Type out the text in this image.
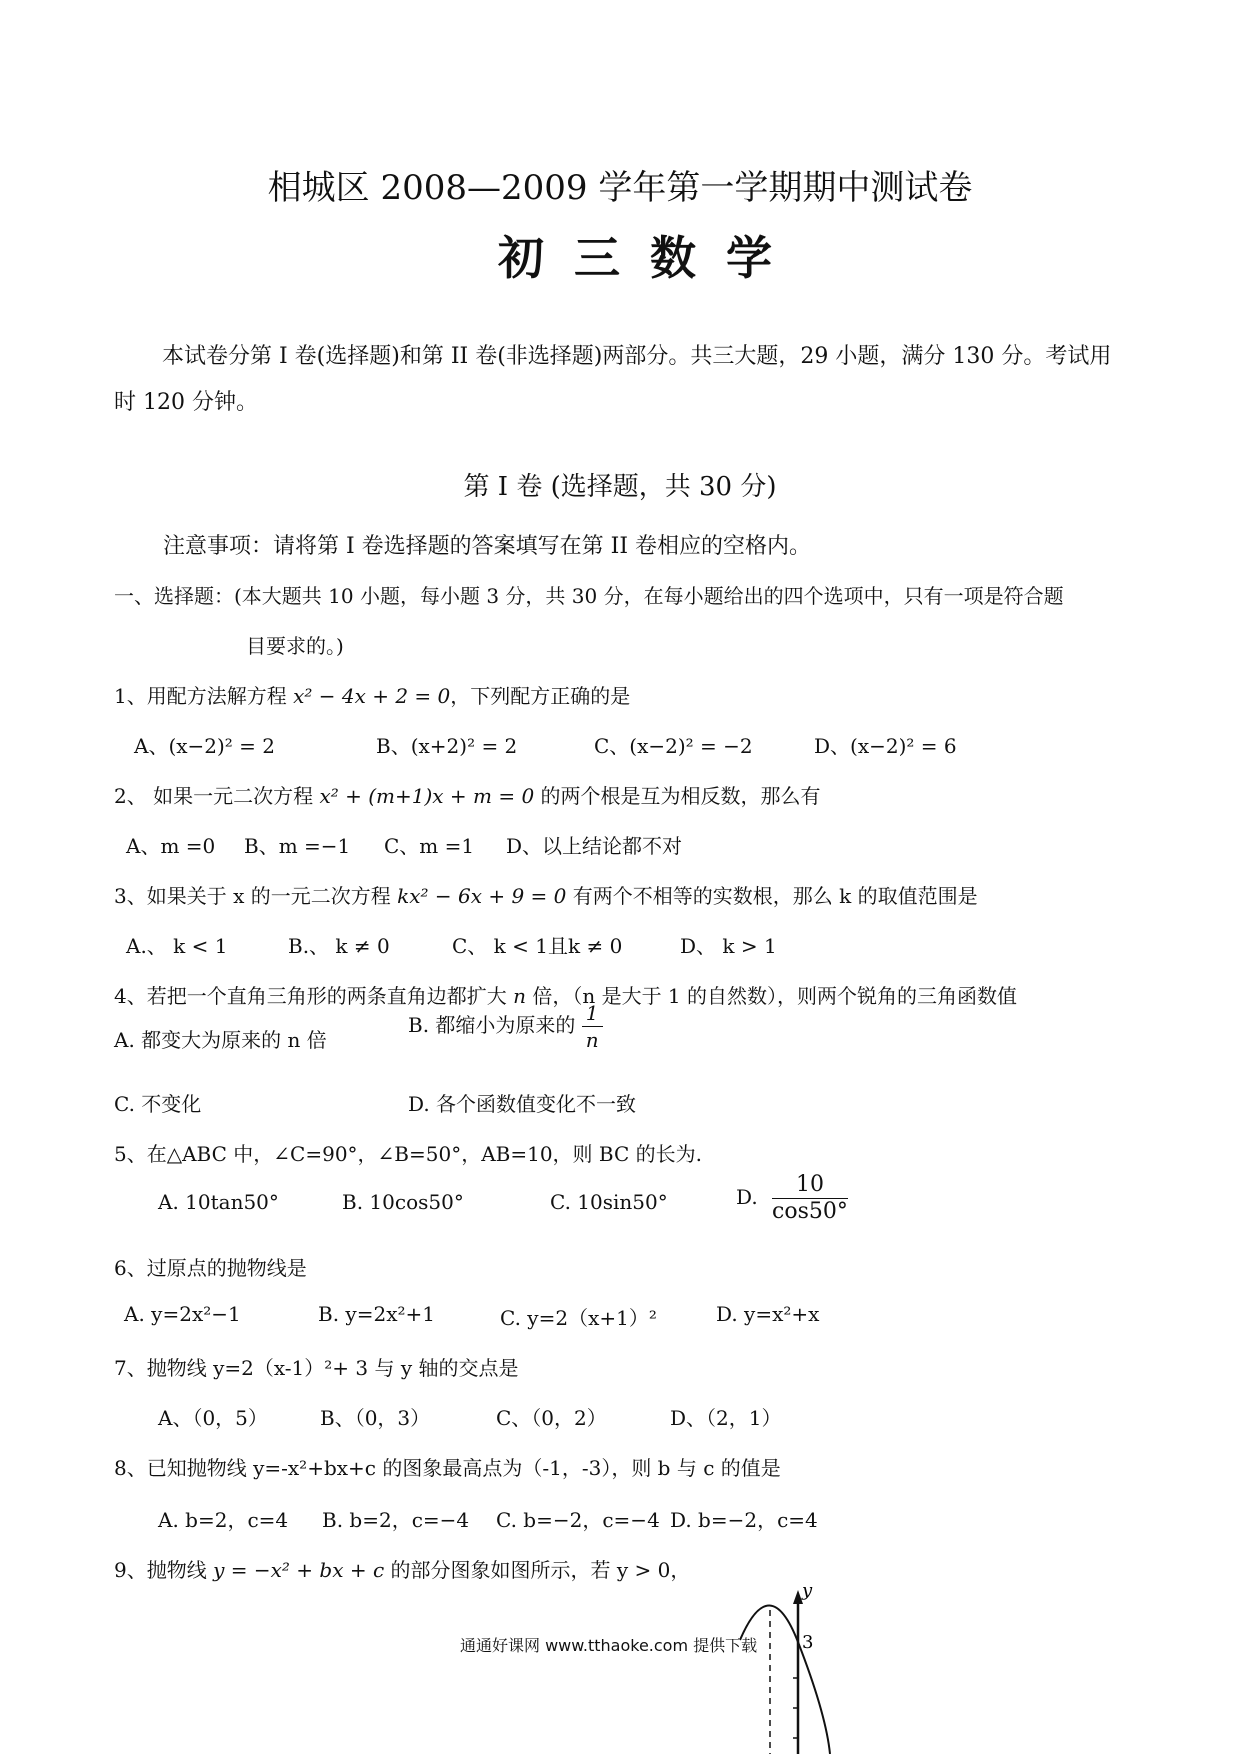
相城区 2008—2009 学年第一学期期中测试卷
初三数学
本试卷分第 I 卷(选择题)和第 II 卷(非选择题)两部分。共三大题，29 小题，满分 130 分。考试用时 120 分钟。
第 I 卷 (选择题，共 30 分)
注意事项：请将第 I 卷选择题的答案填写在第 II 卷相应的空格内。
一、选择题：(本大题共 10 小题，每小题 3 分，共 30 分，在每小题给出的四个选项中，只有一项是符合题
目要求的。)
1、用配方法解方程 x² − 4x + 2 = 0，下列配方正确的是
A、(x−2)² = 2	B、(x+2)² = 2	C、(x−2)² = −2	D、(x−2)² = 6
2、 如果一元二次方程 x² + (m+1)x + m = 0 的两个根是互为相反数，那么有
A、m =0 B、m =−1 C、m =1 D、以上结论都不对
3、如果关于 x 的一元二次方程 kx² − 6x + 9 = 0 有两个不相等的实数根，那么 k 的取值范围是
A.、 k < 1	B.、 k ≠ 0	C、 k < 1且k ≠ 0	D、 k > 1
4、若把一个直角三角形的两条直角边都扩大 n 倍，（n 是大于 1 的自然数），则两个锐角的三角函数值
A. 都变大为原来的 n 倍
B. 都缩小为原来的 $\frac{1}{n}$
C. 不变化	D. 各个函数值变化不一致
5、在△ABC 中，∠C=90°，∠B=50°，AB=10，则 BC 的长为.
A. 10tan50°	B. 10cos50°	C. 10sin50°	D. $\frac{10}{\cos 50^\circ}$
6、过原点的抛物线是
A. y=2x²−1	B. y=2x²+1	C. y=2（x+1）²	D. y=x²+x
7、抛物线 y=2（x-1）²+ 3 与 y 轴的交点是
A、（0，5）	B、（0，3）	C、（0，2）	D、（2，1）
8、已知抛物线 y=-x²+bx+c 的图象最高点为（-1，-3），则 b 与 c 的值是
A. b=2，c=4 B. b=2，c=−4 C. b=−2，c=−4 D. b=−2，c=4
9、抛物线 y = −x² + bx + c 的部分图象如图所示，若 y > 0，
y
3
通通好课网 www.tthaoke.com 提供下载
